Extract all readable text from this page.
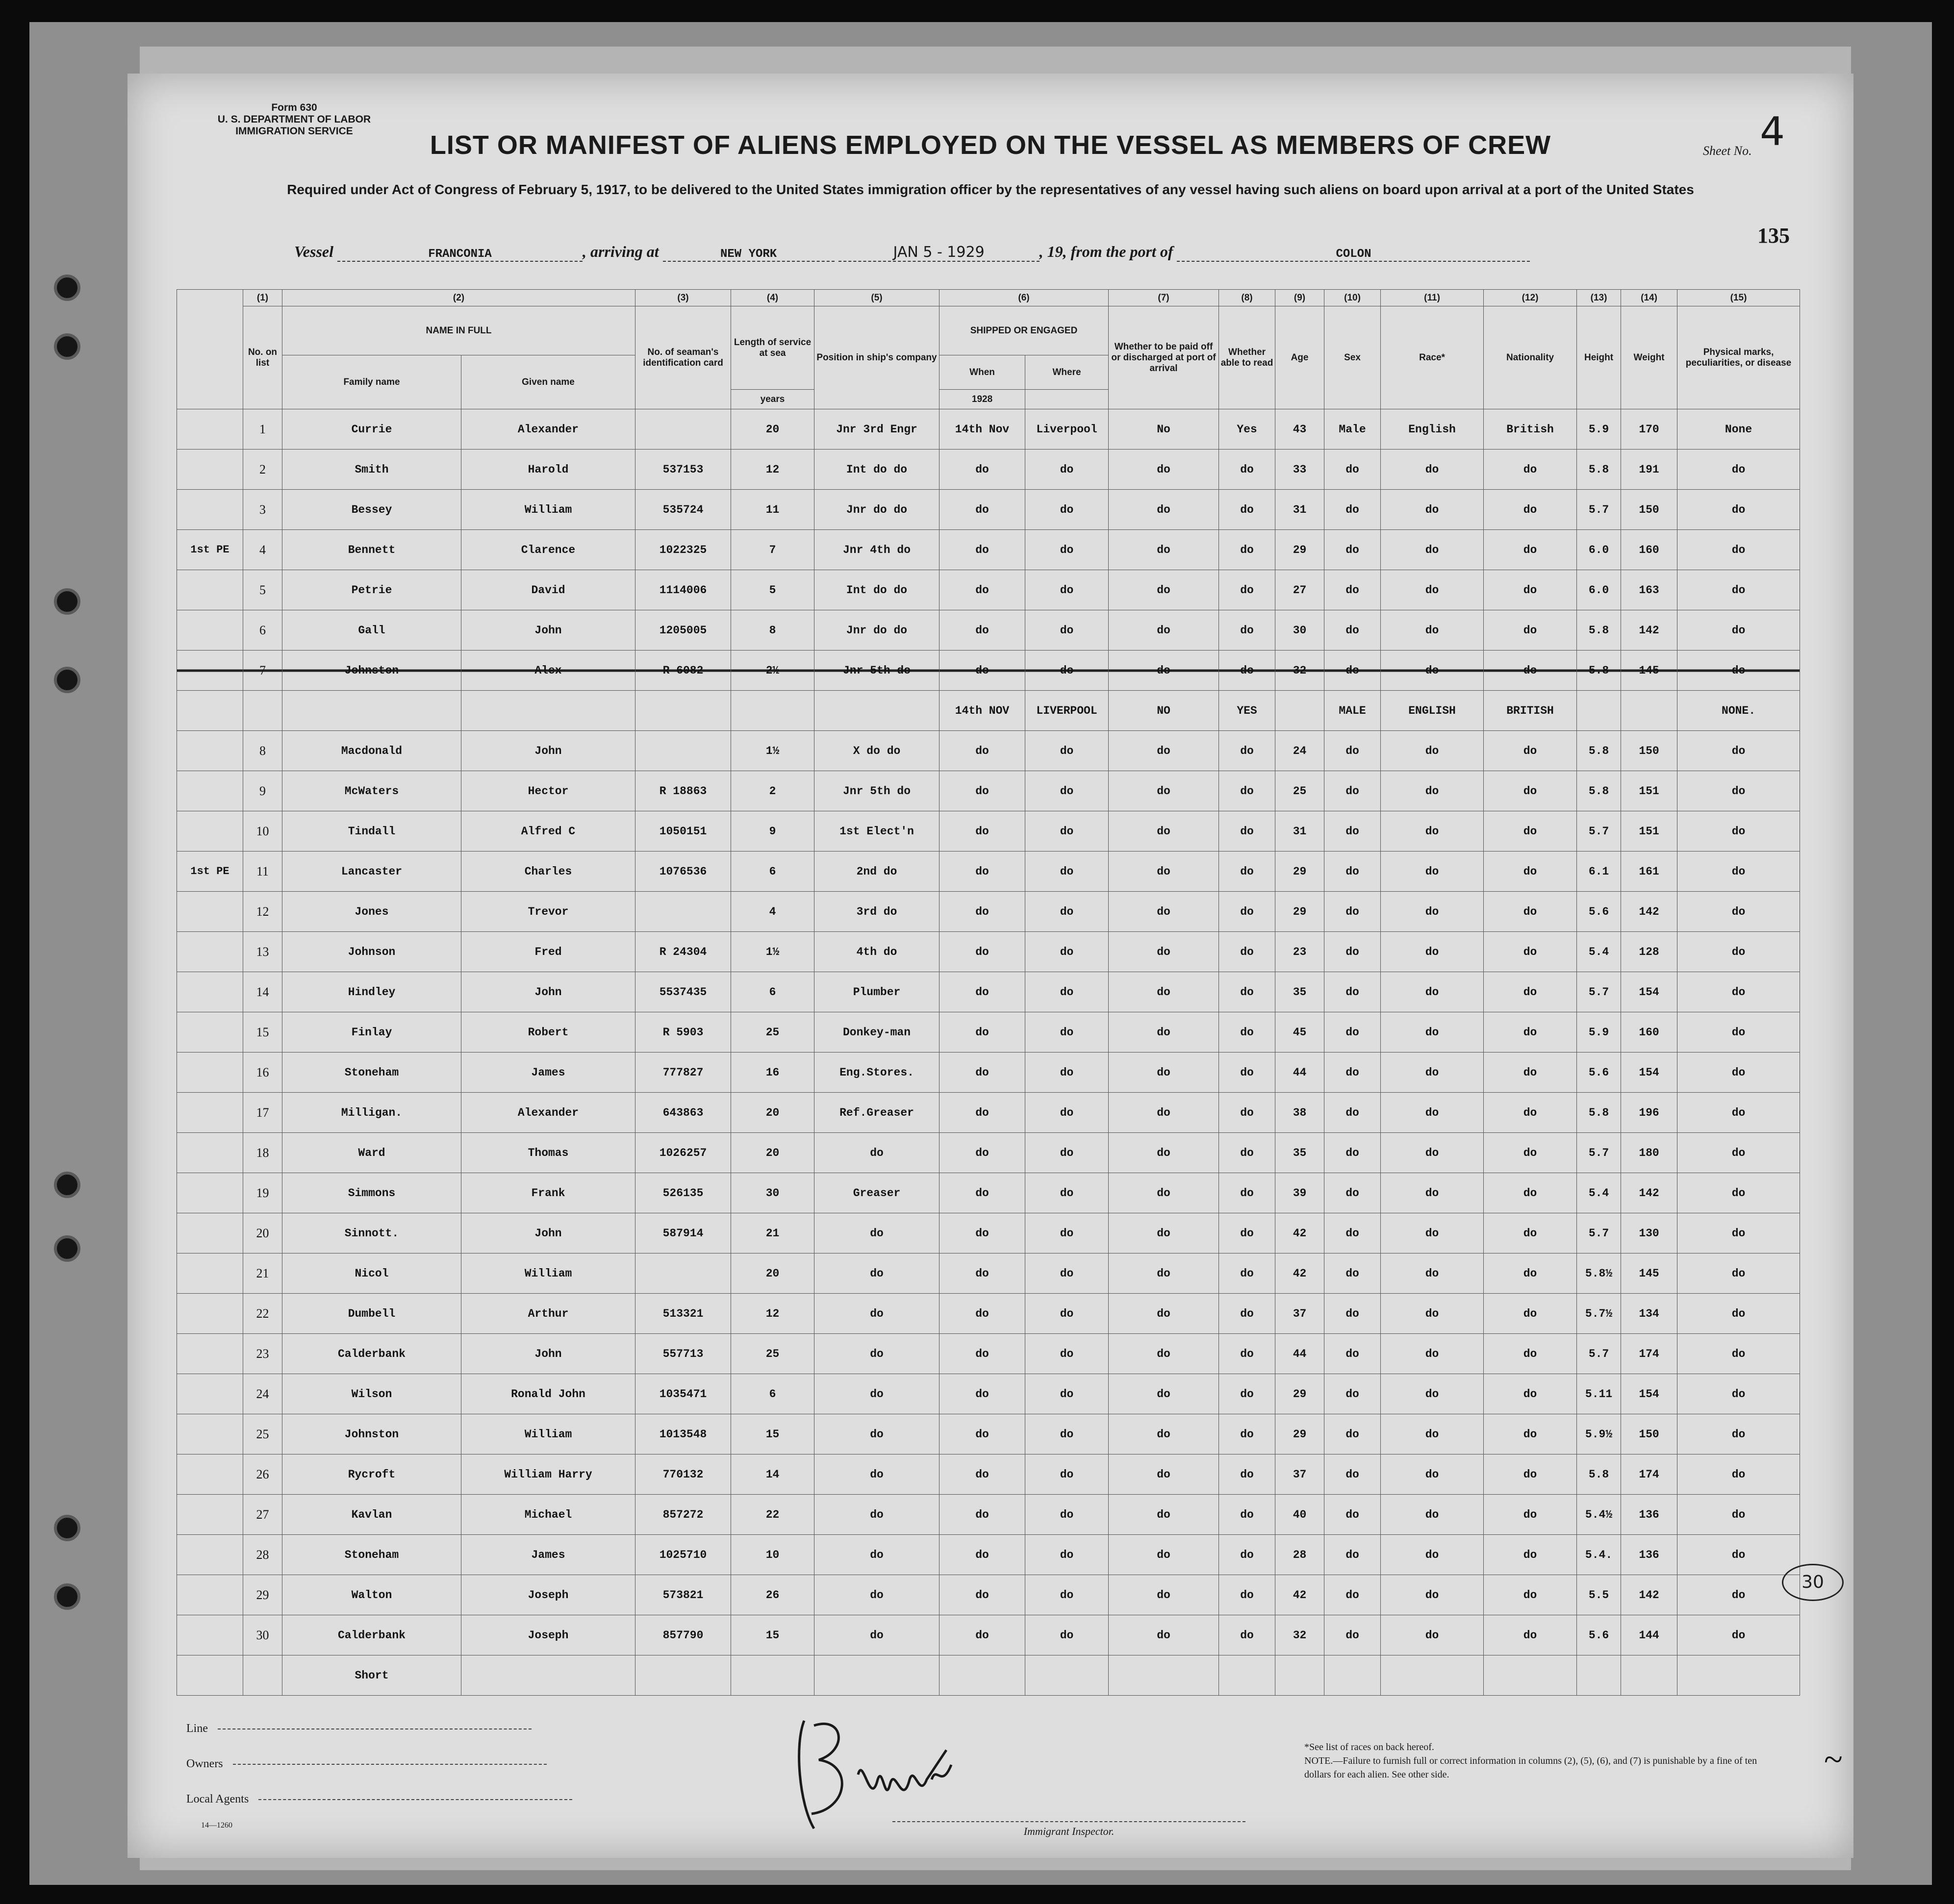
Form 630
U. S. DEPARTMENT OF LABOR
IMMIGRATION SERVICE
Sheet No. 4
LIST OR MANIFEST OF ALIENS EMPLOYED ON THE VESSEL AS MEMBERS OF CREW
Required under Act of Congress of February 5, 1917, to be delivered to the United States immigration officer by the representatives of any vessel having such aliens on board upon arrival at a port of the United States
135
Vessel	FRANCONIA	, arriving at	NEW YORK	JAN 5 - 1929	, 19, from the port of	COLON
	(1)	(2)		(3)	(4)	(5)	(6)		(7)	(8)	(9)	(10)	(11)	(12)	(13)	(14)	(15)
	No. on list	NAME IN FULL		No. of seaman's identification card	Length of service at sea	Position in ship's company	SHIPPED OR ENGAGED		Whether to be paid off or discharged at port of arrival	Whether able to read	Age	Sex	Race*	Nationality	Height	Weight	Physical marks, peculiarities, or disease
		Family name	Given name				When	Where									
					years		1928										
	1	Currie	Alexander		20	Jnr 3rd Engr	14th Nov	Liverpool	No	Yes	43	Male	English	British	5.9	170	None
	2	Smith	Harold	537153	12	Int do do	do	do	do	do	33	do	do	do	5.8	191	do
	3	Bessey	William	535724	11	Jnr do do	do	do	do	do	31	do	do	do	5.7	150	do
1st PE	4	Bennett	Clarence	1022325	7	Jnr 4th do	do	do	do	do	29	do	do	do	6.0	160	do
	5	Petrie	David	1114006	5	Int do do	do	do	do	do	27	do	do	do	6.0	163	do
	6	Gall	John	1205005	8	Jnr do do	do	do	do	do	30	do	do	do	5.8	142	do
	7	Johnston	Alex	R 6082	2½	Jnr 5th do	do	do	do	do	32	do	do	do	5.8	145	do
							14th NOV	LIVERPOOL	NO	YES		MALE	ENGLISH	BRITISH			NONE.
	8	Macdonald	John		1½	X do do	do	do	do	do	24	do	do	do	5.8	150	do
	9	McWaters	Hector	R 18863	2	Jnr 5th do	do	do	do	do	25	do	do	do	5.8	151	do
	10	Tindall	Alfred C	1050151	9	1st Elect'n	do	do	do	do	31	do	do	do	5.7	151	do
1st PE	11	Lancaster	Charles	1076536	6	2nd do	do	do	do	do	29	do	do	do	6.1	161	do
	12	Jones	Trevor		4	3rd do	do	do	do	do	29	do	do	do	5.6	142	do
	13	Johnson	Fred	R 24304	1½	4th do	do	do	do	do	23	do	do	do	5.4	128	do
	14	Hindley	John	5537435	6	Plumber	do	do	do	do	35	do	do	do	5.7	154	do
	15	Finlay	Robert	R 5903	25	Donkey-man	do	do	do	do	45	do	do	do	5.9	160	do
	16	Stoneham	James	777827	16	Eng.Stores.	do	do	do	do	44	do	do	do	5.6	154	do
	17	Milligan.	Alexander	643863	20	Ref.Greaser	do	do	do	do	38	do	do	do	5.8	196	do
	18	Ward	Thomas	1026257	20	do	do	do	do	do	35	do	do	do	5.7	180	do
	19	Simmons	Frank	526135	30	Greaser	do	do	do	do	39	do	do	do	5.4	142	do
	20	Sinnott.	John	587914	21	do	do	do	do	do	42	do	do	do	5.7	130	do
	21	Nicol	William		20	do	do	do	do	do	42	do	do	do	5.8½	145	do
	22	Dumbell	Arthur	513321	12	do	do	do	do	do	37	do	do	do	5.7½	134	do
	23	Calderbank	John	557713	25	do	do	do	do	do	44	do	do	do	5.7	174	do
	24	Wilson	Ronald John	1035471	6	do	do	do	do	do	29	do	do	do	5.11	154	do
	25	Johnston	William	1013548	15	do	do	do	do	do	29	do	do	do	5.9½	150	do
	26	Rycroft	William Harry	770132	14	do	do	do	do	do	37	do	do	do	5.8	174	do
	27	Kavlan	Michael	857272	22	do	do	do	do	do	40	do	do	do	5.4½	136	do
	28	Stoneham	James	1025710	10	do	do	do	do	do	28	do	do	do	5.4.	136	do
	29	Walton	Joseph	573821	26	do	do	do	do	do	42	do	do	do	5.5	142	do
	30	Calderbank	Joseph	857790	15	do	do	do	do	do	32	do	do	do	5.6	144	do
		Short															
Line
Owners
Local Agents
14—1260	Immigrant Inspector.
*See list of races on back hereof.
NOTE.—Failure to furnish full or correct information in columns (2), (5), (6), and (7) is punishable by a fine of ten dollars for each alien. See other side.
30
~
